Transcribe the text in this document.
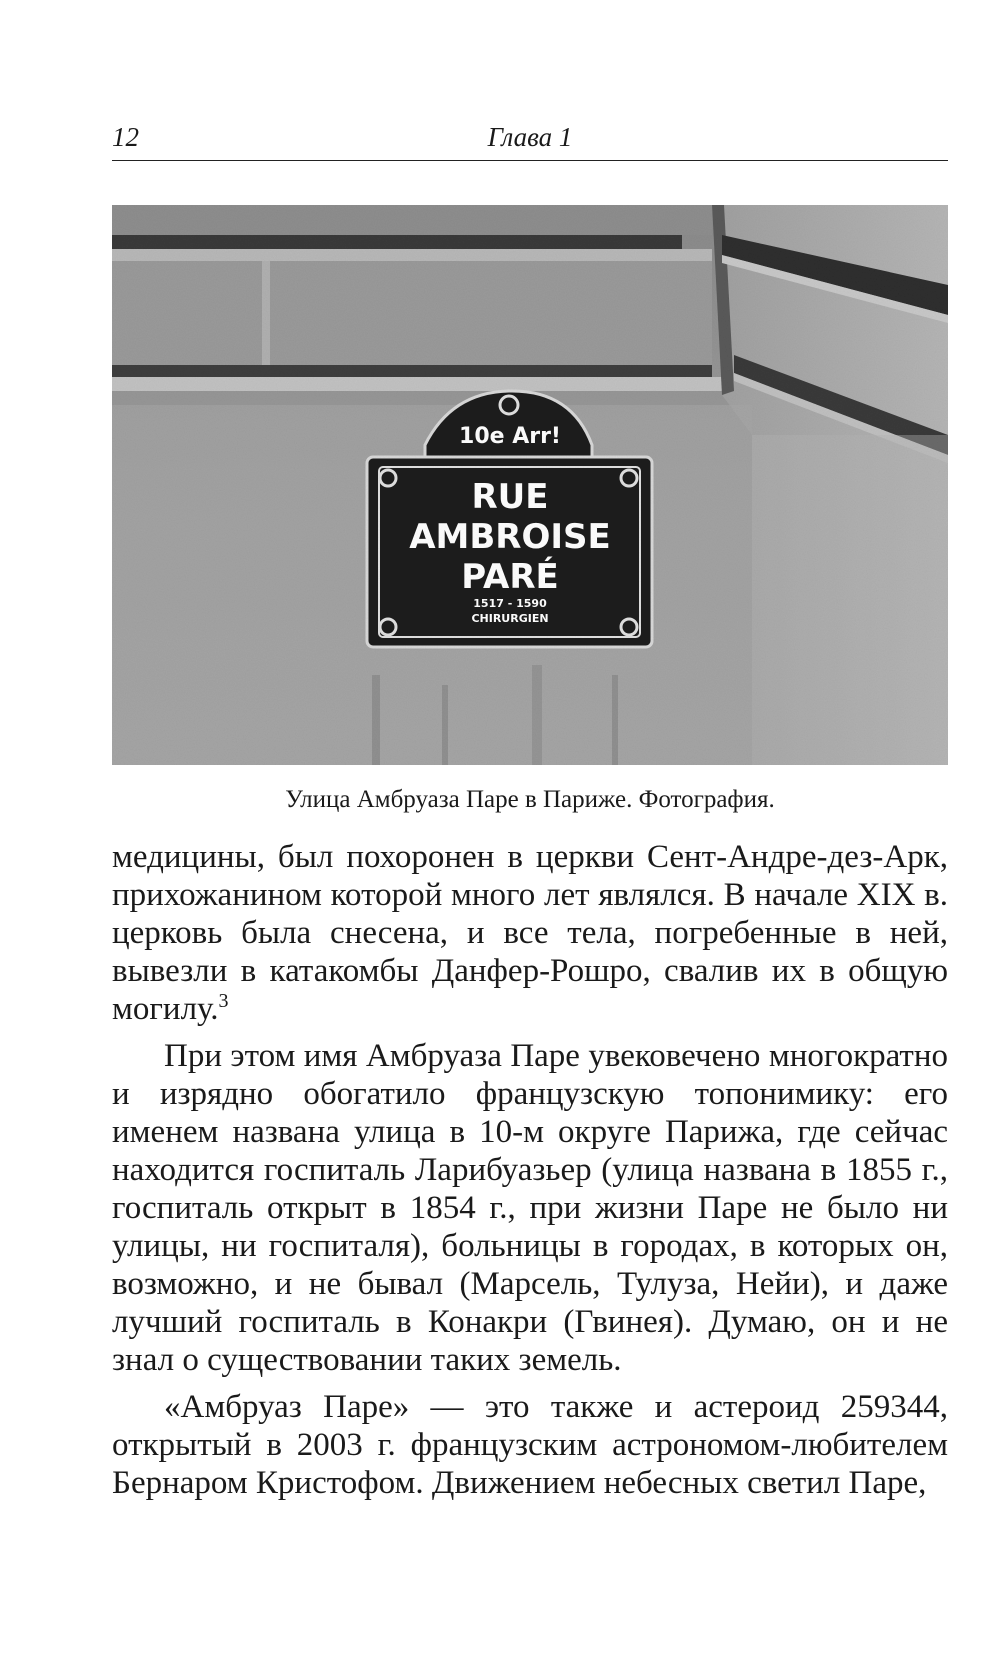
12	Глава 1
10e Arr!
RUE
AMBROISE
PARÉ
1517 - 1590
CHIRURGIEN
Улица Амбруаза Паре в Париже. Фотография.

медицины, был похоронен в церкви Сент-Андре-дез-Арк, прихожанином которой много лет являлся. В начале XIX в. церковь была снесена, и все тела, погребенные в ней, вывезли в катакомбы Данфер-Рошро, свалив их в общую могилу.$^3$

При этом имя Амбруаза Паре увековечено многократно и изрядно обогатило французскую топонимику: его именем названа улица в 10-м округе Парижа, где сейчас находится госпиталь Ларибуазьер (улица названа в 1855 г., госпиталь открыт в 1854 г., при жизни Паре не было ни улицы, ни госпиталя), больницы в городах, в которых он, возможно, и не бывал (Марсель, Тулуза, Нейи), и даже лучший госпиталь в Конакри (Гвинея). Думаю, он и не знал о существовании таких земель.

«Амбруаз Паре» — это также и астероид 259344, открытый в 2003 г. французским астрономом-любителем Бернаром Кристофом. Движением небесных светил Паре,
